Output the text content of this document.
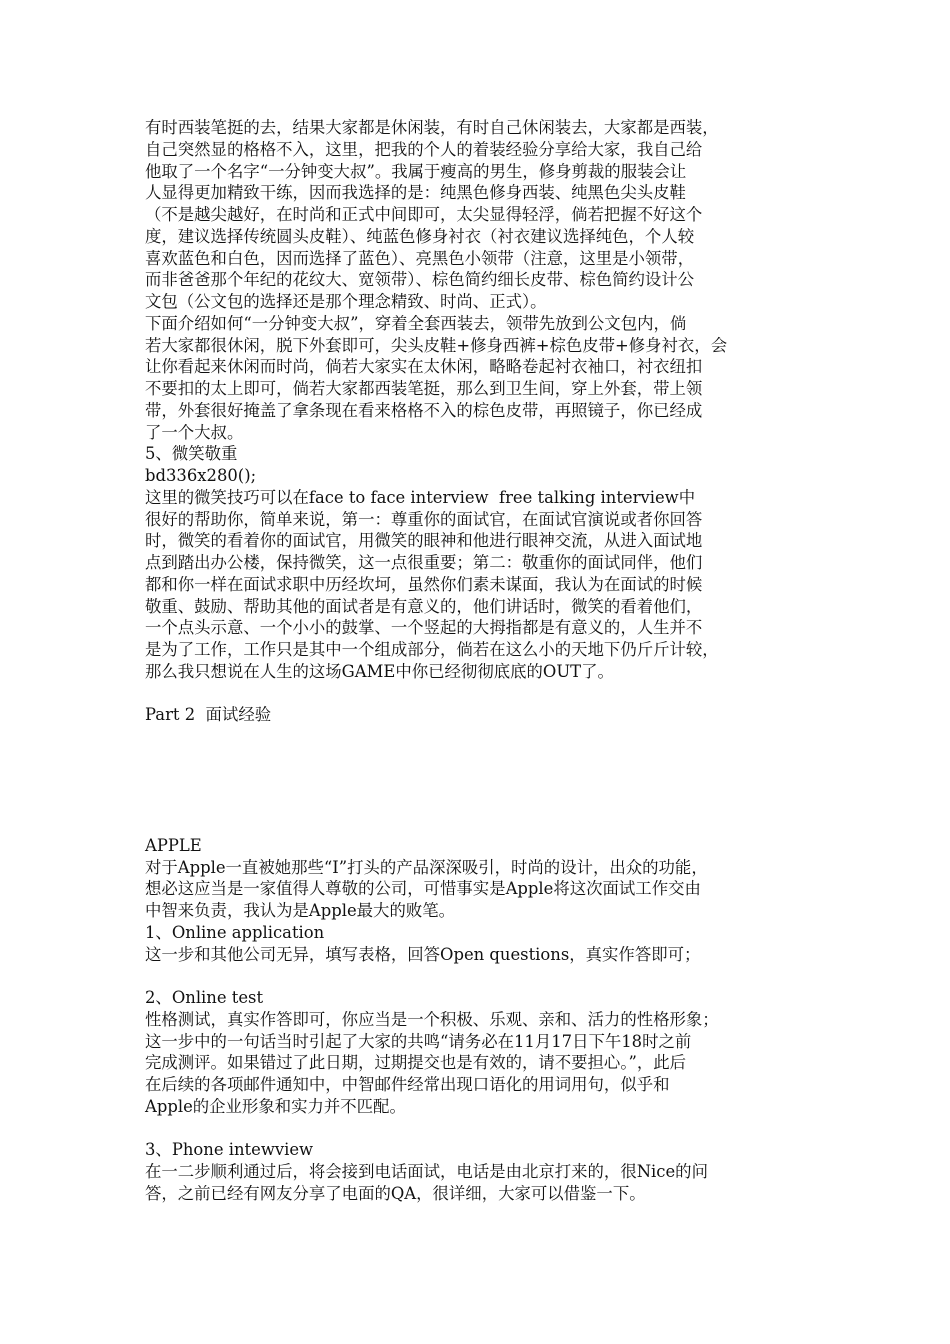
有时西装笔挺的去，结果大家都是休闲装，有时自己休闲装去，大家都是西装，
自己突然显的格格不入，这里，把我的个人的着装经验分享给大家，我自己给
他取了一个名字“一分钟变大叔”。我属于瘦高的男生，修身剪裁的服装会让
人显得更加精致干练，因而我选择的是：纯黑色修身西装、纯黑色尖头皮鞋
（不是越尖越好，在时尚和正式中间即可，太尖显得轻浮，倘若把握不好这个
度，建议选择传统圆头皮鞋）、纯蓝色修身衬衣（衬衣建议选择纯色，个人较
喜欢蓝色和白色，因而选择了蓝色）、亮黑色小领带（注意，这里是小领带，
而非爸爸那个年纪的花纹大、宽领带）、棕色简约细长皮带、棕色简约设计公
文包（公文包的选择还是那个理念精致、时尚、正式）。
下面介绍如何“一分钟变大叔”，穿着全套西装去，领带先放到公文包内，倘
若大家都很休闲，脱下外套即可，尖头皮鞋+修身西裤+棕色皮带+修身衬衣，会
让你看起来休闲而时尚，倘若大家实在太休闲，略略卷起衬衣袖口，衬衣纽扣
不要扣的太上即可，倘若大家都西装笔挺，那么到卫生间，穿上外套，带上领
带，外套很好掩盖了拿条现在看来格格不入的棕色皮带，再照镜子，你已经成
了一个大叔。
5、微笑敬重
bd336x280();
这里的微笑技巧可以在face to face interview  free talking interview中
很好的帮助你，简单来说，第一：尊重你的面试官，在面试官演说或者你回答
时，微笑的看着你的面试官，用微笑的眼神和他进行眼神交流，从进入面试地
点到踏出办公楼，保持微笑，这一点很重要；第二：敬重你的面试同伴，他们
都和你一样在面试求职中历经坎坷，虽然你们素未谋面，我认为在面试的时候
敬重、鼓励、帮助其他的面试者是有意义的，他们讲话时，微笑的看着他们，
一个点头示意、一个小小的鼓掌、一个竖起的大拇指都是有意义的，人生并不
是为了工作，工作只是其中一个组成部分，倘若在这么小的天地下仍斤斤计较，
那么我只想说在人生的这场GAME中你已经彻彻底底的OUT了。
Part 2  面试经验
APPLE
对于Apple一直被她那些“I”打头的产品深深吸引，时尚的设计，出众的功能，
想必这应当是一家值得人尊敬的公司，可惜事实是Apple将这次面试工作交由
中智来负责，我认为是Apple最大的败笔。
1、Online application
这一步和其他公司无异，填写表格，回答Open questions，真实作答即可；
2、Online test
性格测试，真实作答即可，你应当是一个积极、乐观、亲和、活力的性格形象；
这一步中的一句话当时引起了大家的共鸣“请务必在11月17日下午18时之前
完成测评。如果错过了此日期，过期提交也是有效的，请不要担心。”，此后
在后续的各项邮件通知中，中智邮件经常出现口语化的用词用句，似乎和
Apple的企业形象和实力并不匹配。
3、Phone intewview
在一二步顺利通过后，将会接到电话面试，电话是由北京打来的，很Nice的问
答，之前已经有网友分享了电面的QA，很详细，大家可以借鉴一下。
